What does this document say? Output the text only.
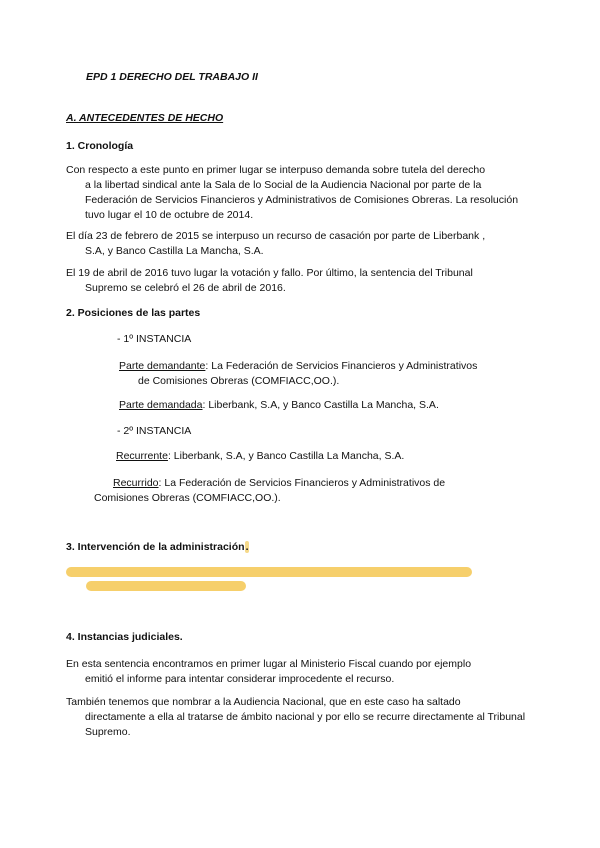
EPD 1 DERECHO DEL TRABAJO II
A. ANTECEDENTES DE HECHO
1. Cronología
Con respecto a este punto en primer lugar se interpuso demanda sobre tutela del derecho
a la libertad sindical ante la Sala de lo Social de la Audiencia Nacional por parte de la Federación de Servicios Financieros y Administrativos de Comisiones Obreras. La resolución tuvo lugar el 10 de octubre de 2014.
El día 23 de febrero de 2015 se interpuso un recurso de casación por parte de Liberbank ,
S.A, y Banco Castilla La Mancha, S.A.
El 19 de abril de 2016 tuvo lugar la votación y fallo. Por último, la sentencia del Tribunal
Supremo se celebró el 26 de abril de 2016.
2. Posiciones de las partes
- 1º INSTANCIA
Parte demandante: La Federación de Servicios Financieros y Administrativos
de Comisiones Obreras (COMFIACC,OO.).
Parte demandada: Liberbank, S.A, y Banco Castilla La Mancha, S.A.
- 2º INSTANCIA
Recurrente: Liberbank, S.A, y Banco Castilla La Mancha, S.A.
Recurrido: La Federación de Servicios Financieros y Administrativos de
Comisiones Obreras (COMFIACC,OO.).
3. Intervención de la administración.
4. Instancias judiciales.
En esta sentencia encontramos en primer lugar al Ministerio Fiscal cuando por ejemplo
emitió el informe para intentar considerar improcedente el recurso.
También tenemos que nombrar a la Audiencia Nacional, que en este caso ha saltado
directamente a ella al tratarse de ámbito nacional y por ello se recurre directamente al Tribunal Supremo.
